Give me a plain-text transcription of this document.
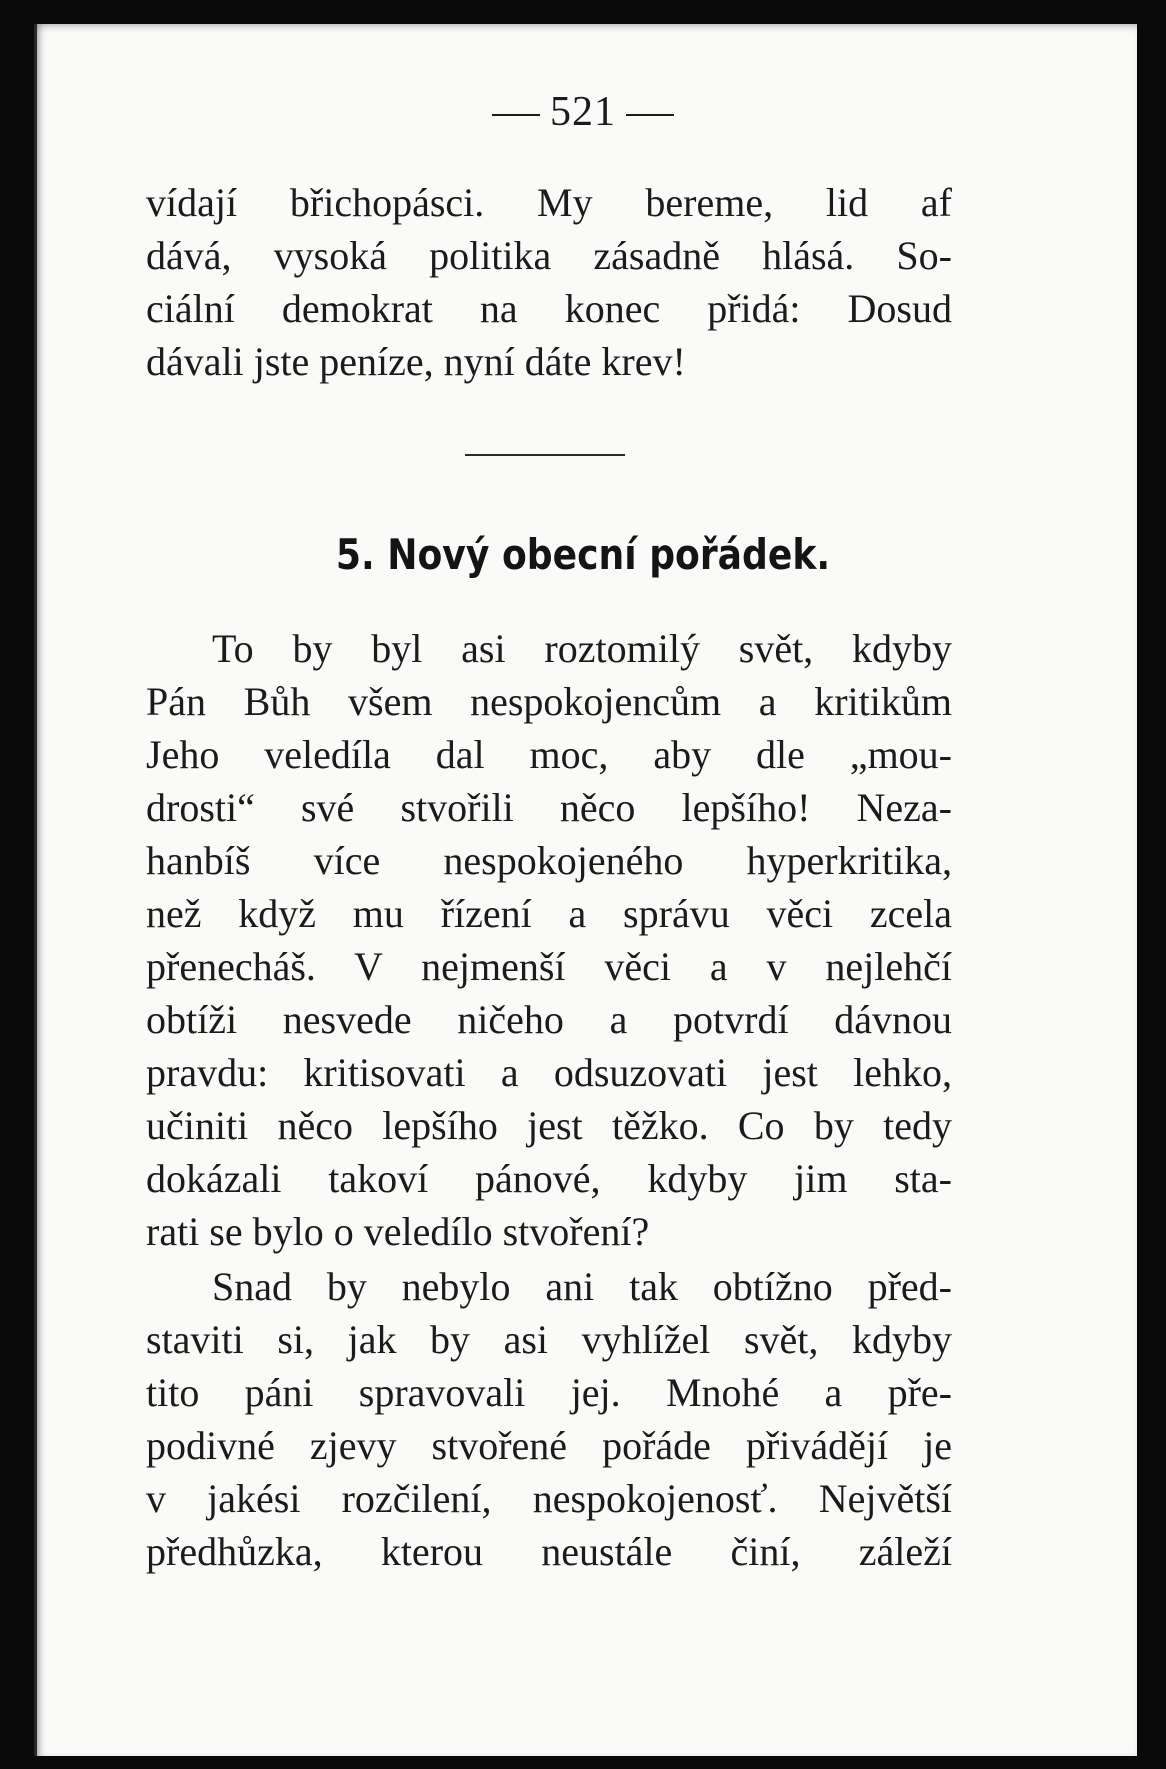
521

vídají břichopásci. My bereme, lid af
dává, vysoká politika zásadně hlásá. So-
ciální demokrat na konec přidá: Dosud
dávali jste peníze, nyní dáte krev!

5. Nový obecní pořádek.

To by byl asi roztomilý svět, kdyby
Pán Bůh všem nespokojencům a kritikům
Jeho veledíla dal moc, aby dle „mou-
drosti“ své stvořili něco lepšího! Neza-
hanbíš více nespokojeného hyperkritika,
než když mu řízení a správu věci zcela
přenecháš. V nejmenší věci a v nejlehčí
obtíži nesvede ničeho a potvrdí dávnou
pravdu: kritisovati a odsuzovati jest lehko,
učiniti něco lepšího jest těžko. Co by tedy
dokázali takoví pánové, kdyby jim sta-
rati se bylo o veledílo stvoření?

Snad by nebylo ani tak obtížno před-
staviti si, jak by asi vyhlížel svět, kdyby
tito páni spravovali jej. Mnohé a pře-
podivné zjevy stvořené pořáde přivádějí je
v jakési rozčilení, nespokojenosť. Největší
předhůzka, kterou neustále činí, záleží
